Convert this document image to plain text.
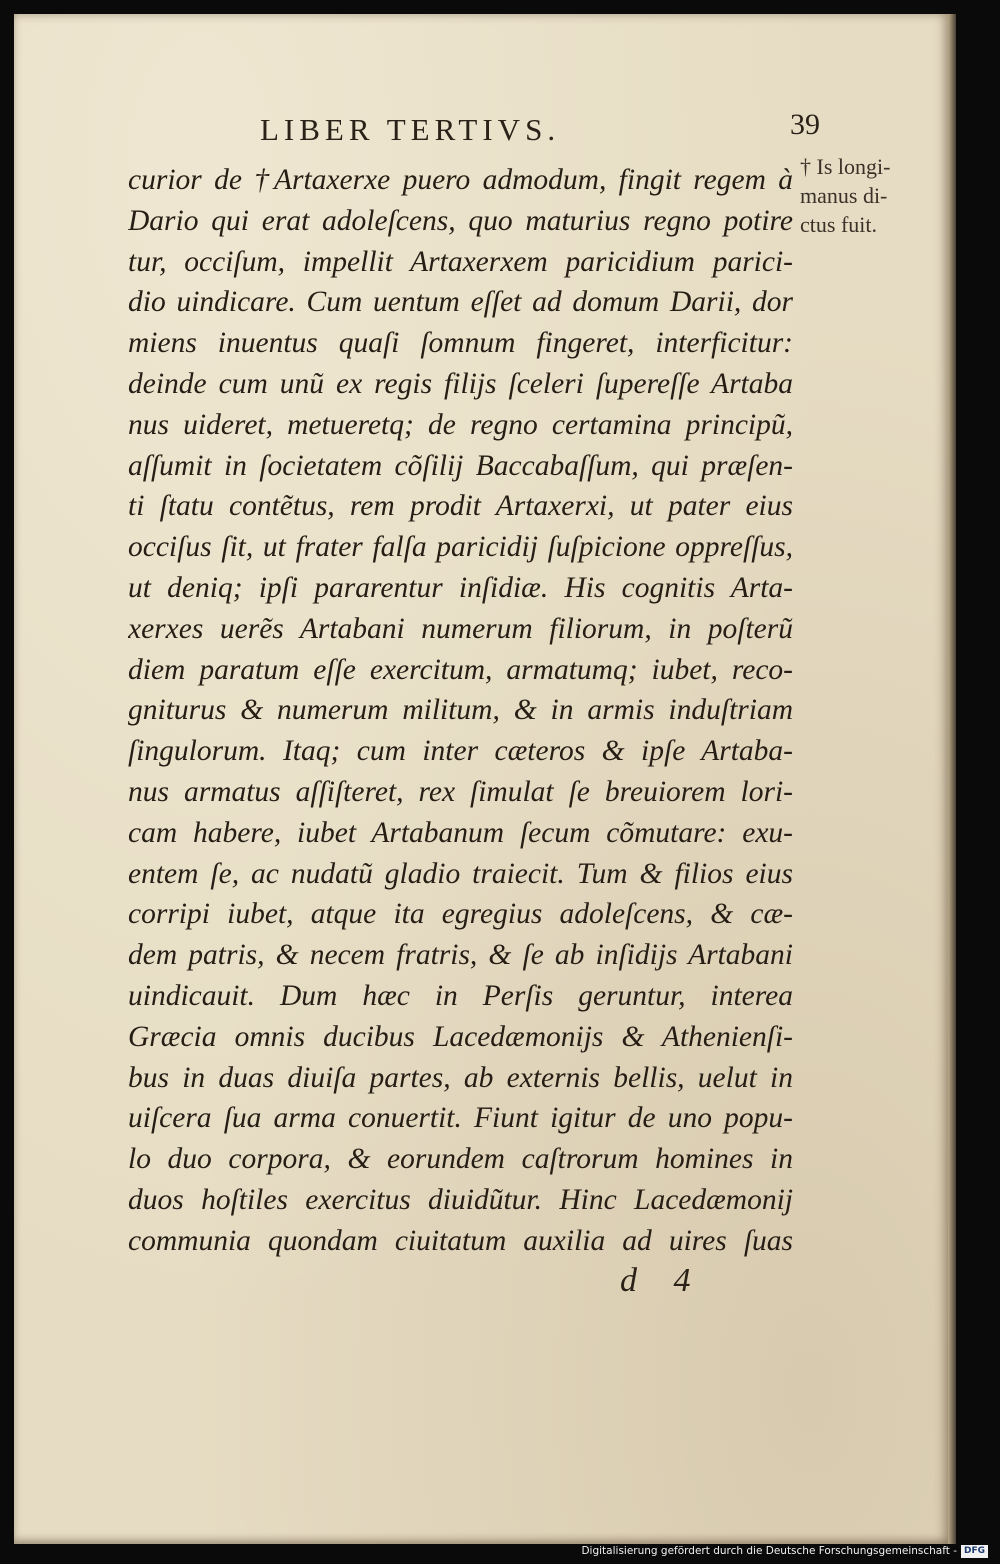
LIBER TERTIVS.	39
curior de †Artaxerxe puero admodum, fingit regem à
Dario qui erat adoleſcens, quo maturius regno potire
tur, occiſum, impellit Artaxerxem paricidium parici-
dio uindicare. Cum uentum eſſet ad domum Darii, dor
miens inuentus quaſi ſomnum fingeret, interficitur:
deinde cum unũ ex regis filijs ſceleri ſupereſſe Artaba
nus uideret, metueretq; de regno certamina principũ,
aſſumit in ſocietatem cõſilij Baccabaſſum, qui præſen-
ti ſtatu contẽtus, rem prodit Artaxerxi, ut pater eius
occiſus ſit, ut frater falſa paricidij ſuſpicione oppreſſus,
ut deniq; ipſi pararentur inſidiæ. His cognitis Arta-
xerxes uerẽs Artabani numerum filiorum, in poſterũ
diem paratum eſſe exercitum, armatumq; iubet, reco-
gniturus & numerum militum, & in armis induſtriam
ſingulorum. Itaq; cum inter cæteros & ipſe Artaba-
nus armatus aſſiſteret, rex ſimulat ſe breuiorem lori-
cam habere, iubet Artabanum ſecum cõmutare: exu-
entem ſe, ac nudatũ gladio traiecit. Tum & filios eius
corripi iubet, atque ita egregius adoleſcens, & cæ-
dem patris, & necem fratris, & ſe ab inſidijs Artabani
uindicauit. Dum hæc in Perſis geruntur, interea
Græcia omnis ducibus Lacedæmonijs & Athenienſi-
bus in duas diuiſa partes, ab externis bellis, uelut in
uiſcera ſua arma conuertit. Fiunt igitur de uno popu-
lo duo corpora, & eorundem caſtrorum homines in
duos hoſtiles exercitus diuidũtur. Hinc Lacedæmonij
communia quondam ciuitatum auxilia ad uires ſuas
† Is longi-
manus di-
ctus fuit.
d 4
Digitalisierung gefördert durch die Deutsche Forschungsgemeinschaft - DFG
